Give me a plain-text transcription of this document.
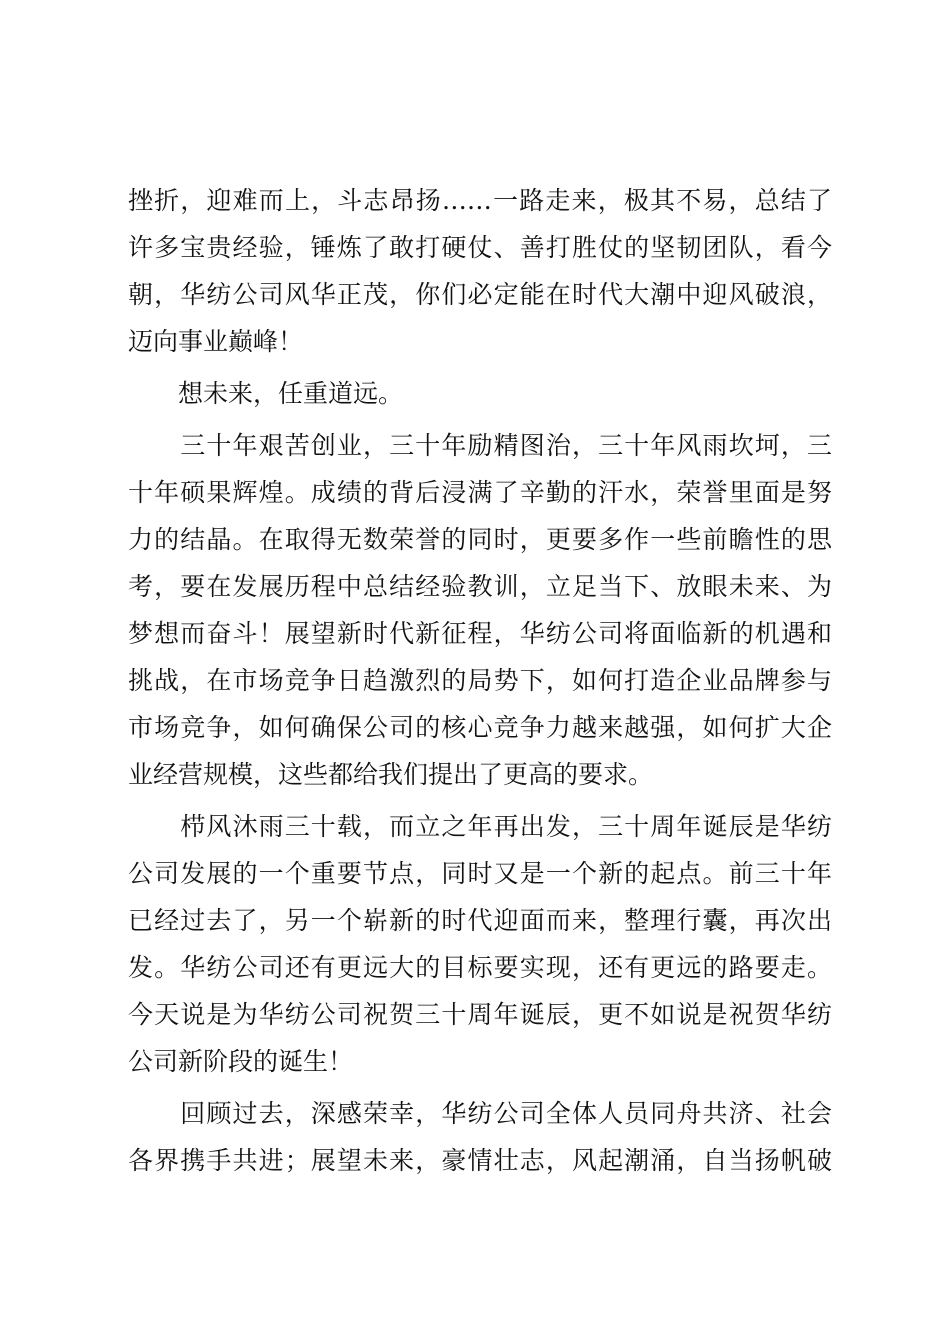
挫折，迎难而上，斗志昂扬……一路走来，极其不易，总结了
许多宝贵经验，锤炼了敢打硬仗、善打胜仗的坚韧团队，看今
朝，华纺公司风华正茂，你们必定能在时代大潮中迎风破浪，
迈向事业巅峰！
　　想未来，任重道远。
　　三十年艰苦创业，三十年励精图治，三十年风雨坎坷，三
十年硕果辉煌。成绩的背后浸满了辛勤的汗水，荣誉里面是努
力的结晶。在取得无数荣誉的同时，更要多作一些前瞻性的思
考，要在发展历程中总结经验教训，立足当下、放眼未来、为
梦想而奋斗！展望新时代新征程，华纺公司将面临新的机遇和
挑战，在市场竞争日趋激烈的局势下，如何打造企业品牌参与
市场竞争，如何确保公司的核心竞争力越来越强，如何扩大企
业经营规模，这些都给我们提出了更高的要求。
　　栉风沐雨三十载，而立之年再出发，三十周年诞辰是华纺
公司发展的一个重要节点，同时又是一个新的起点。前三十年
已经过去了，另一个崭新的时代迎面而来，整理行囊，再次出
发。华纺公司还有更远大的目标要实现，还有更远的路要走。
今天说是为华纺公司祝贺三十周年诞辰，更不如说是祝贺华纺
公司新阶段的诞生！
　　回顾过去，深感荣幸，华纺公司全体人员同舟共济、社会
各界携手共进；展望未来，豪情壮志，风起潮涌，自当扬帆破
